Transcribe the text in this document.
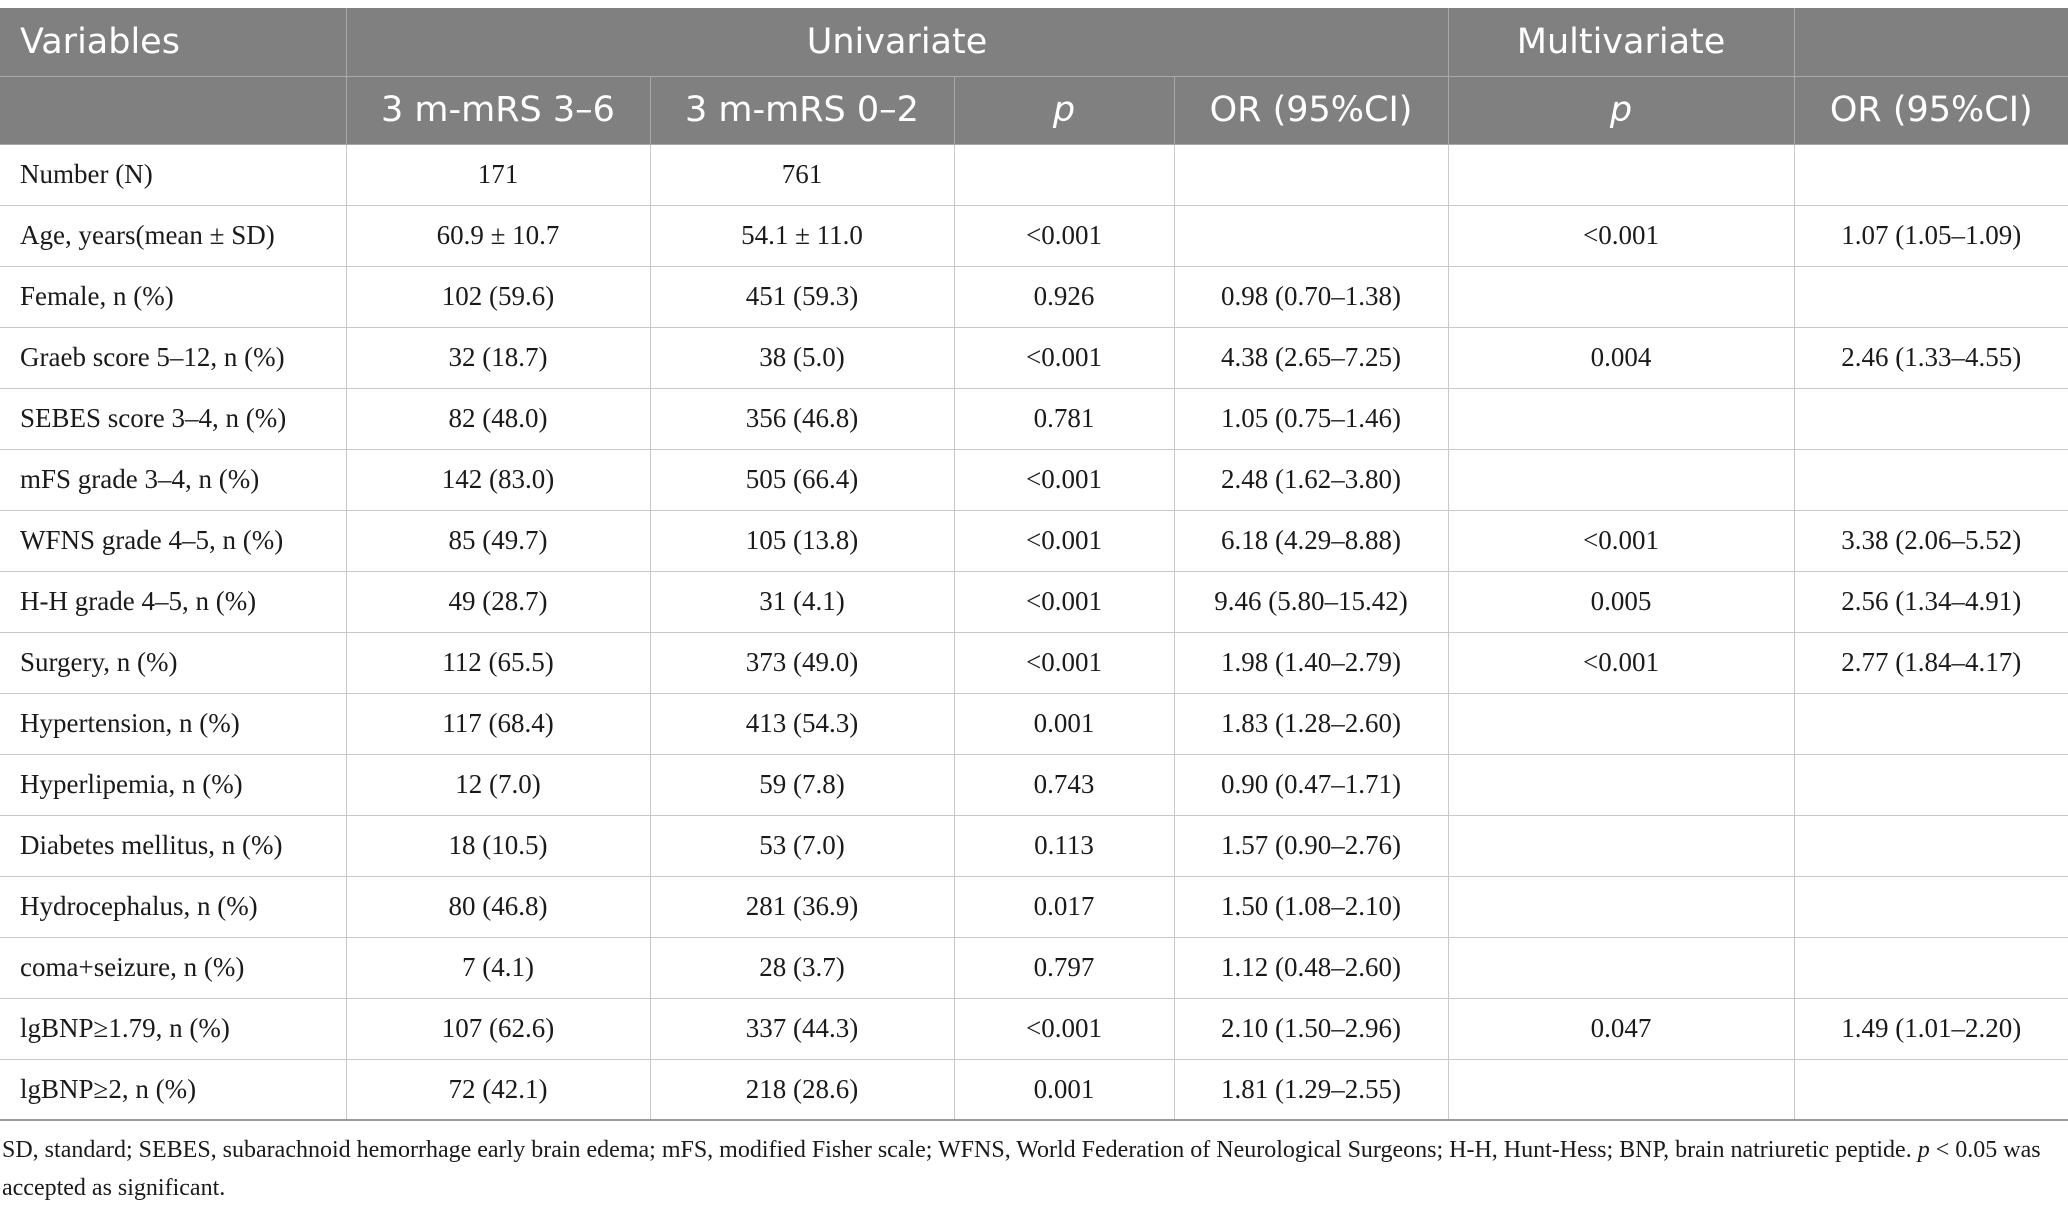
Variables	Univariate				Multivariate	
	3 m-mRS 3–6	3 m-mRS 0–2	p	OR (95%CI)	p	OR (95%CI)
Number (N)	171	761				
Age, years(mean ± SD)	60.9 ± 10.7	54.1 ± 11.0	<0.001		<0.001	1.07 (1.05–1.09)
Female, n (%)	102 (59.6)	451 (59.3)	0.926	0.98 (0.70–1.38)		
Graeb score 5–12, n (%)	32 (18.7)	38 (5.0)	<0.001	4.38 (2.65–7.25)	0.004	2.46 (1.33–4.55)
SEBES score 3–4, n (%)	82 (48.0)	356 (46.8)	0.781	1.05 (0.75–1.46)		
mFS grade 3–4, n (%)	142 (83.0)	505 (66.4)	<0.001	2.48 (1.62–3.80)		
WFNS grade 4–5, n (%)	85 (49.7)	105 (13.8)	<0.001	6.18 (4.29–8.88)	<0.001	3.38 (2.06–5.52)
H-H grade 4–5, n (%)	49 (28.7)	31 (4.1)	<0.001	9.46 (5.80–15.42)	0.005	2.56 (1.34–4.91)
Surgery, n (%)	112 (65.5)	373 (49.0)	<0.001	1.98 (1.40–2.79)	<0.001	2.77 (1.84–4.17)
Hypertension, n (%)	117 (68.4)	413 (54.3)	0.001	1.83 (1.28–2.60)		
Hyperlipemia, n (%)	12 (7.0)	59 (7.8)	0.743	0.90 (0.47–1.71)		
Diabetes mellitus, n (%)	18 (10.5)	53 (7.0)	0.113	1.57 (0.90–2.76)		
Hydrocephalus, n (%)	80 (46.8)	281 (36.9)	0.017	1.50 (1.08–2.10)		
coma+seizure, n (%)	7 (4.1)	28 (3.7)	0.797	1.12 (0.48–2.60)		
lgBNP≥1.79, n (%)	107 (62.6)	337 (44.3)	<0.001	2.10 (1.50–2.96)	0.047	1.49 (1.01–2.20)
lgBNP≥2, n (%)	72 (42.1)	218 (28.6)	0.001	1.81 (1.29–2.55)		
SD, standard; SEBES, subarachnoid hemorrhage early brain edema; mFS, modified Fisher scale; WFNS, World Federation of Neurological Surgeons; H-H, Hunt-Hess; BNP, brain natriuretic peptide. p < 0.05 was accepted as significant.
